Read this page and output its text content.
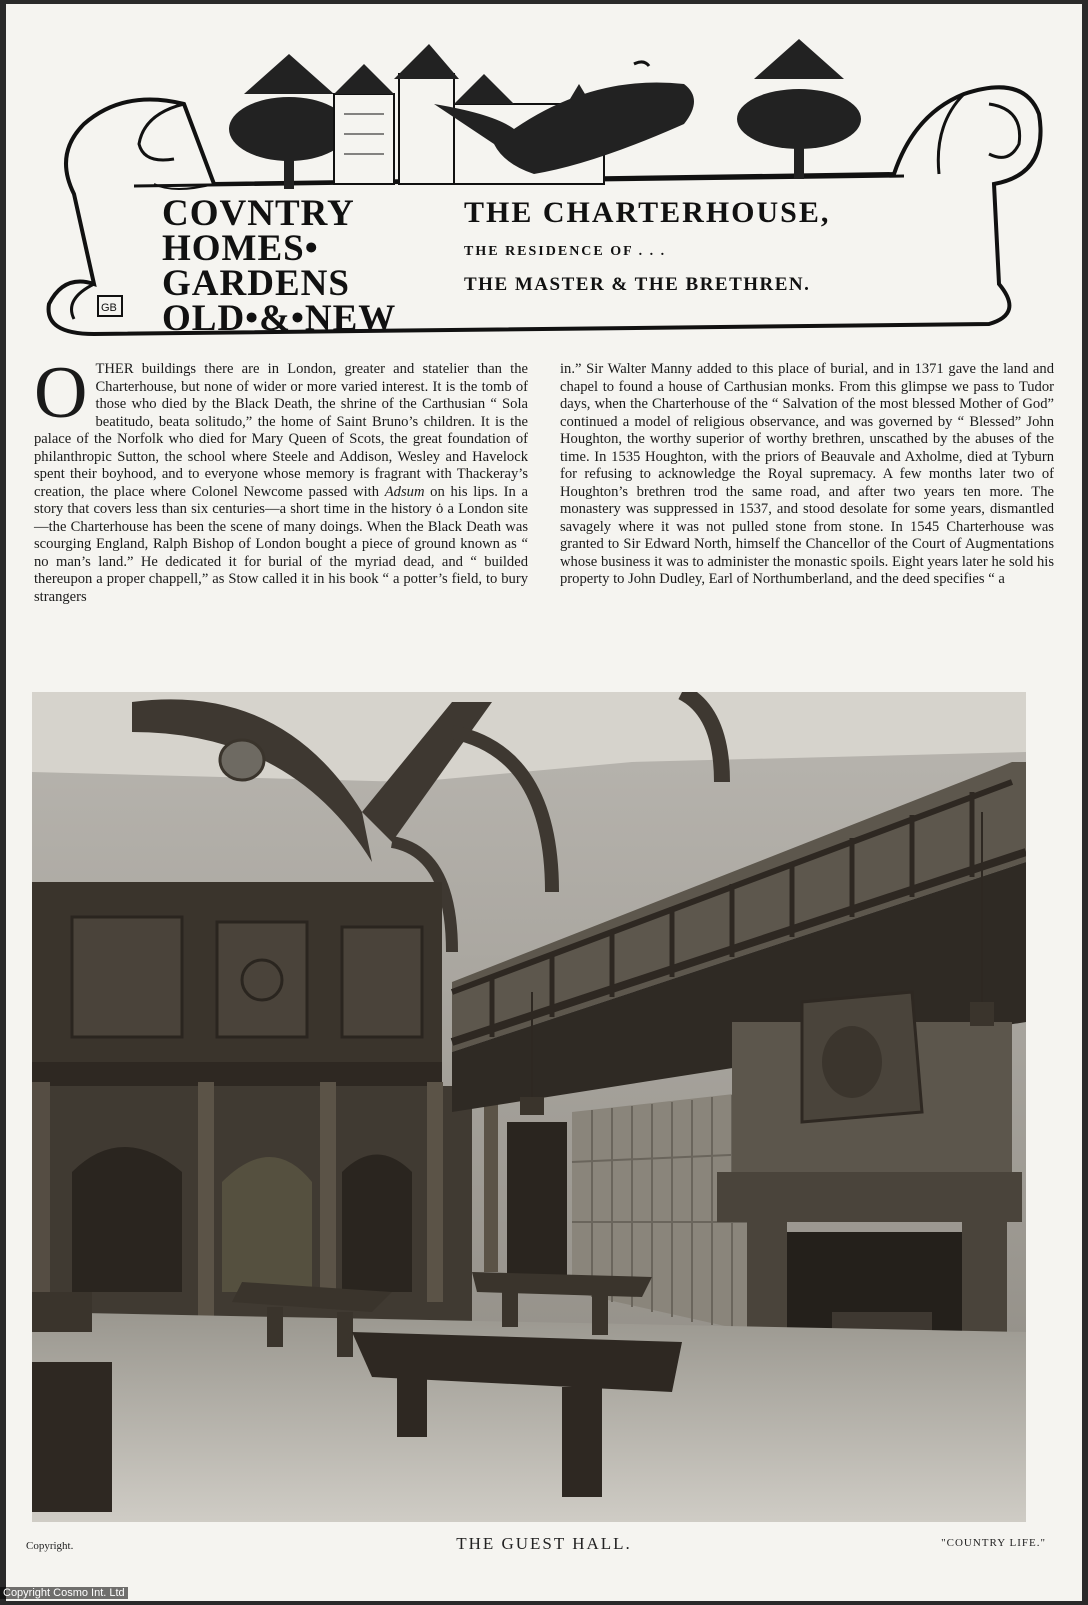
GB
COVNTRY
HOMES•
GARDENS
OLD•&•NEW
THE CHARTERHOUSE,
THE RESIDENCE OF . . .
THE MASTER & THE BRETHREN.

OTHER buildings there are in London, greater and statelier than the Charterhouse, but none of wider or more varied interest. It is the tomb of those who died by the Black Death, the shrine of the Carthusian “ Sola beatitudo, beata solitudo,” the home of Saint Bruno’s children. It is the palace of the Norfolk who died for Mary Queen of Scots, the great foundation of philanthropic Sutton, the school where Steele and Addison, Wesley and Havelock spent their boyhood, and to everyone whose memory is fragrant with Thackeray’s creation, the place where Colonel Newcome passed with Adsum on his lips. In a story that covers less than six centuries—a short time in the history ȯ a London site—the Charterhouse has been the scene of many doings. When the Black Death was scourging England, Ralph Bishop of London bought a piece of ground known as “ no man’s land.” He dedicated it for burial of the myriad dead, and “ builded thereupon a proper chappell,” as Stow called it in his book “ a potter’s field, to bury strangers

in.” Sir Walter Manny added to this place of burial, and in 1371 gave the land and chapel to found a house of Carthusian monks. From this glimpse we pass to Tudor days, when the Charterhouse of the “ Salvation of the most blessed Mother of God” continued a model of religious observance, and was governed by “ Blessed” John Houghton, the worthy superior of worthy brethren, unscathed by the abuses of the time. In 1535 Houghton, with the priors of Beauvale and Axholme, died at Tyburn for refusing to acknowledge the Royal supremacy. A few months later two of Houghton’s brethren trod the same road, and after two years ten more. The monastery was suppressed in 1537, and stood desolate for some years, dismantled savagely where it was not pulled stone from stone. In 1545 Charterhouse was granted to Sir Edward North, himself the Chancellor of the Court of Augmentations whose business it was to administer the monastic spoils. Eight years later he sold his property to John Dudley, Earl of Northumberland, and the deed specifies “ a

Copyright.	THE GUEST HALL.	"COUNTRY LIFE."
Copyright Cosmo Int. Ltd
